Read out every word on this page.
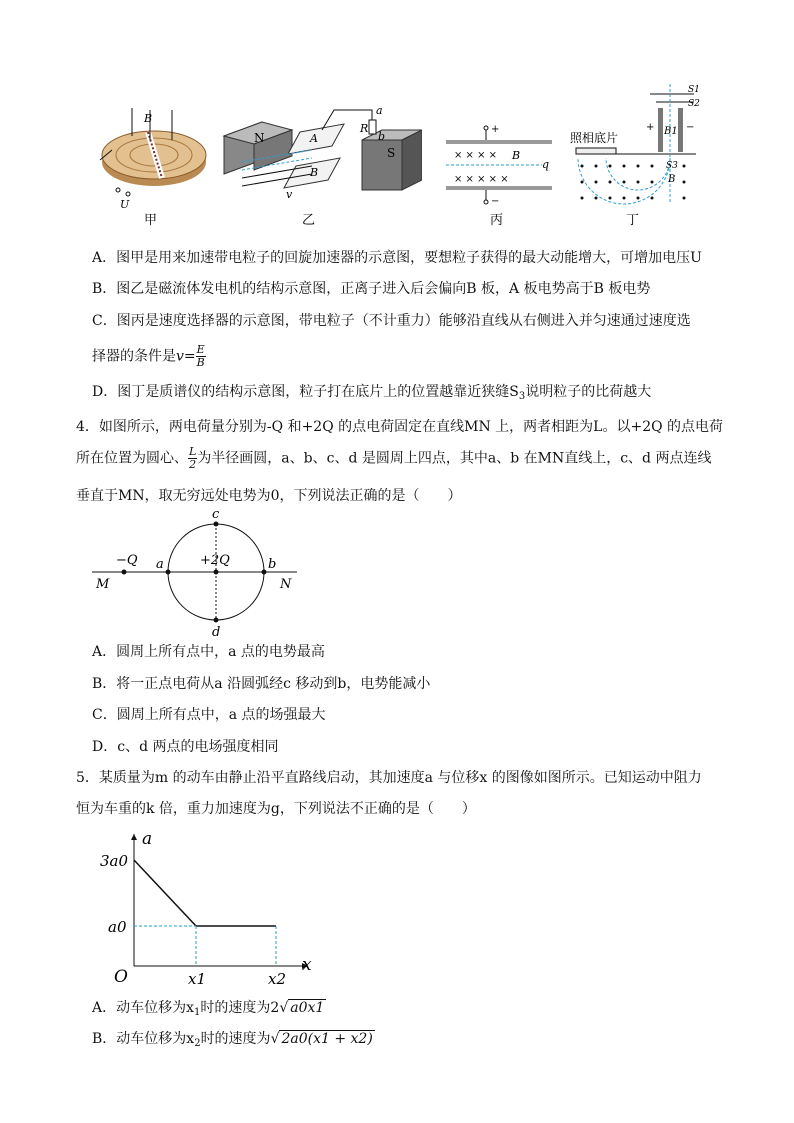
B
U
甲
N
S
A
B
R
a
b
v
乙
× × × ×
× × × × ×
B
q
+
−
丙
照相底片
S1
S2
S3
B1
B
+	−
丁
A．图甲是用来加速带电粒子的回旋加速器的示意图，要想粒子获得的最大动能增大，可增加电压U
B．图乙是磁流体发电机的结构示意图，正离子进入后会偏向B 板，A 板电势高于B 板电势
C．图丙是速度选择器的示意图，带电粒子（不计重力）能够沿直线从右侧进入并匀速通过速度选
择器的条件是$v= \frac{E}{B}$
D．图丁是质谱仪的结构示意图，粒子打在底片上的位置越靠近狭缝$S_3$说明粒子的比荷越大
4．如图所示，两电荷量分别为-Q 和+2Q 的点电荷固定在直线MN 上，两者相距为L。以+2Q 的点电荷
所在位置为圆心、 $\frac{L}{2}$ 为半径画圆，a、b、c、d 是圆周上四点，其中a、b 在MN直线上，c、d 两点连线
垂直于MN，取无穷远处电势为0，下列说法正确的是（　　）
M	N
−Q	+2Q
a	b
c
d
A．圆周上所有点中，a 点的电势最高
B．将一正点电荷从a 沿圆弧经c 移动到b，电势能减小
C．圆周上所有点中，a 点的场强最大
D．c、d 两点的电场强度相同
5．某质量为m 的动车由静止沿平直路线启动，其加速度a 与位移x 的图像如图所示。已知运动中阻力
恒为车重的k 倍，重力加速度为g，下列说法不正确的是（　　）
a
x
O
3a0
a0
x1	x2
A．动车位移为$x_1$时的速度为2√ a0x1
B．动车位移为$x_2$时的速度为√ 2a0(x1 + x2)
